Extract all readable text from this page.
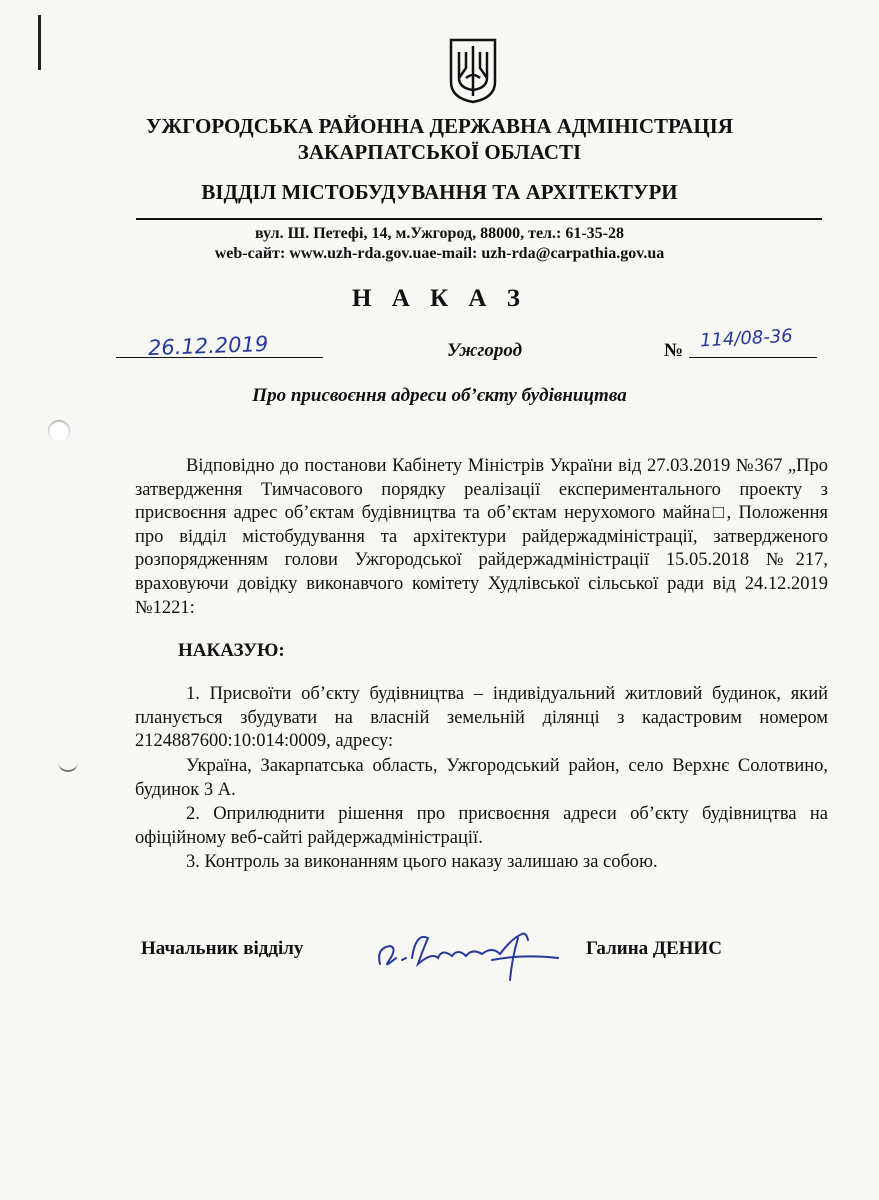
УЖГОРОДСЬКА РАЙОННА ДЕРЖАВНА АДМІНІСТРАЦІЯ
ЗАКАРПАТСЬКОЇ ОБЛАСТІ
ВІДДІЛ МІСТОБУДУВАННЯ ТА АРХІТЕКТУРИ
вул. Ш. Петефі, 14, м.Ужгород, 88000, тел.: 61-35-28
web-сайт: www.uzh-rda.gov.uae-mail: uzh-rda@carpathia.gov.ua
Н А К А З
26.12.2019	Ужгород	№ 114/08-36
Про присвоєння адреси об’єкту будівництва
Відповідно до постанови Кабінету Міністрів України від 27.03.2019 №367 „Про затвердження Тимчасового порядку реалізації експериментального проекту з присвоєння адрес об’єктам будівництва та об’єктам нерухомого майна□, Положення про відділ містобудування та архітектури райдержадміністрації, затвердженого розпорядженням голови Ужгородської райдержадміністрації 15.05.2018 №217, враховуючи довідку виконавчого комітету Худлівської сільської ради від 24.12.2019 №1221:
НАКАЗУЮ:
1. Присвоїти об’єкту будівництва – індивідуальний житловий будинок, який планується збудувати на власній земельній ділянці з кадастровим номером 2124887600:10:014:0009, адресу:
Україна, Закарпатська область, Ужгородський район, село Верхнє Солотвино, будинок 3 А.
2. Оприлюднити рішення про присвоєння адреси об’єкту будівництва на офіційному веб-сайті райдержадміністрації.
3. Контроль за виконанням цього наказу залишаю за собою.
Начальник відділу	Галина ДЕНИС
